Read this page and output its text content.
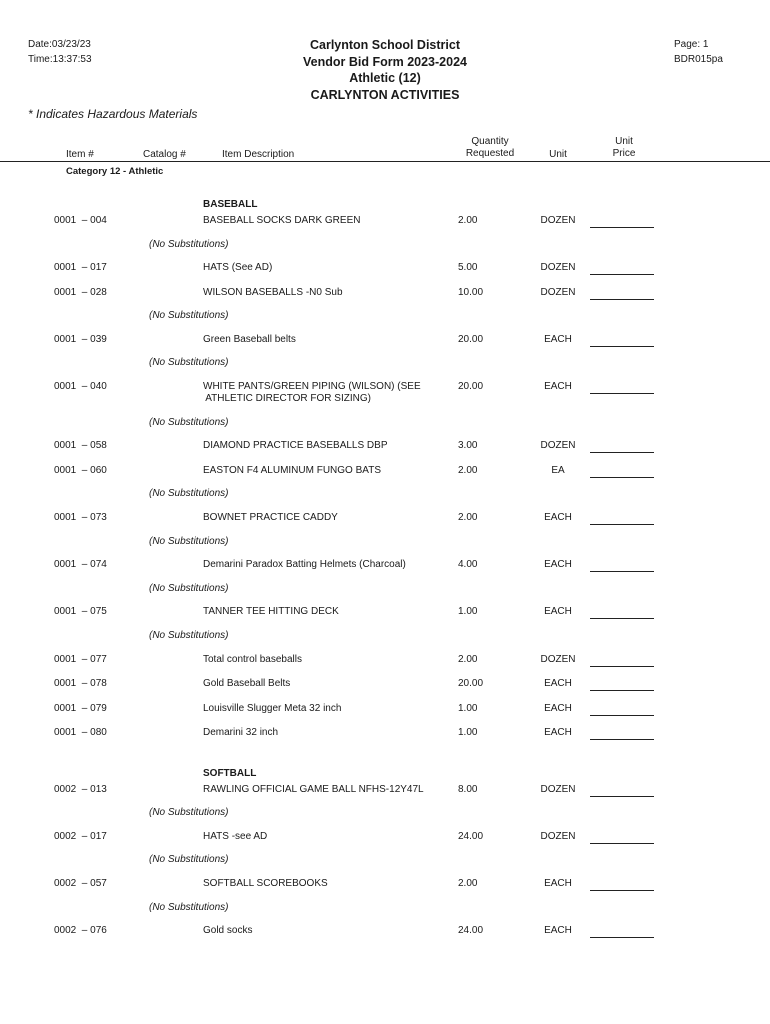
Date:03/23/23
Time:13:37:53
Carlynton School District
Vendor Bid Form 2023-2024
Athletic (12)
CARLYNTON ACTIVITIES
Page: 1
BDR015pa
* Indicates Hazardous Materials
Item #	Catalog #	Item Description
Quantity
Requested	Unit
Unit
Price
Category 12 - Athletic
BASEBALL
0001  – 004	BASEBALL SOCKS DARK GREEN	2.00	DOZEN
(No Substitutions)
0001  – 017	HATS (See AD)	5.00	DOZEN
0001  – 028	WILSON BASEBALLS -N0 Sub	10.00	DOZEN
(No Substitutions)
0001  – 039	Green Baseball belts	20.00	EACH
(No Substitutions)
0001  – 040	WHITE PANTS/GREEN PIPING (WILSON) (SEE	20.00	EACH
ATHLETIC DIRECTOR FOR SIZING)
(No Substitutions)
0001  – 058	DIAMOND PRACTICE BASEBALLS DBP	3.00	DOZEN
0001  – 060	EASTON F4 ALUMINUM FUNGO BATS	2.00	EA
(No Substitutions)
0001  – 073	BOWNET PRACTICE CADDY	2.00	EACH
(No Substitutions)
0001  – 074	Demarini Paradox Batting Helmets (Charcoal)	4.00	EACH
(No Substitutions)
0001  – 075	TANNER TEE HITTING DECK	1.00	EACH
(No Substitutions)
0001  – 077	Total control baseballs	2.00	DOZEN
0001  – 078	Gold Baseball Belts	20.00	EACH
0001  – 079	Louisville Slugger Meta 32 inch	1.00	EACH
0001  – 080	Demarini 32 inch	1.00	EACH
SOFTBALL
0002  – 013	RAWLING OFFICIAL GAME BALL NFHS-12Y47L	8.00	DOZEN
(No Substitutions)
0002  – 017	HATS -see AD	24.00	DOZEN
(No Substitutions)
0002  – 057	SOFTBALL SCOREBOOKS	2.00	EACH
(No Substitutions)
0002  – 076	Gold socks	24.00	EACH
